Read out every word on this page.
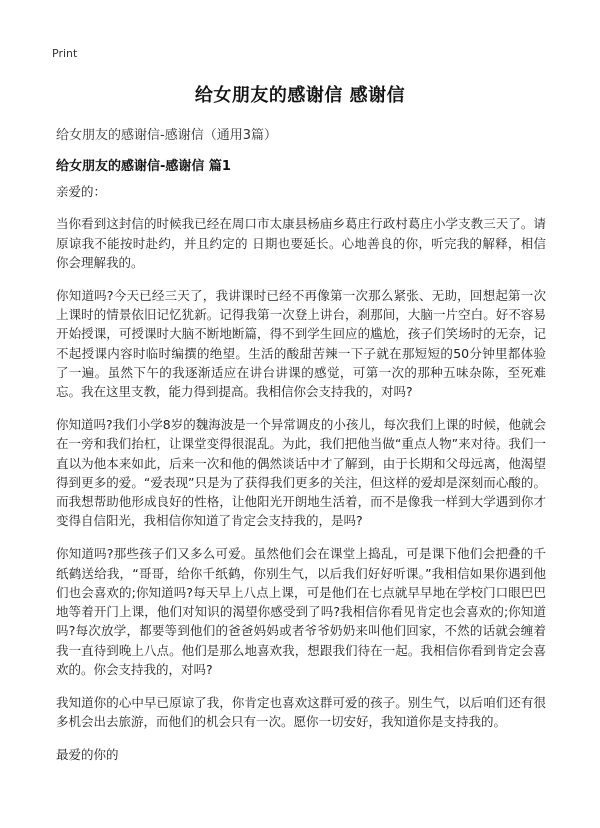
Print
给女朋友的感谢信 感谢信
给女朋友的感谢信-感谢信（通用3篇）
给女朋友的感谢信-感谢信 篇1

亲爱的：

当你看到这封信的时候我已经在周口市太康县杨庙乡葛庄行政村葛庄小学支教三天了。请原谅我不能按时赴约，并且约定的 日期也要延长。心地善良的你，听完我的解释，相信你会理解我的。

你知道吗?今天已经三天了，我讲课时已经不再像第一次那么紧张、无助，回想起第一次上课时的情景依旧记忆犹新。记得我第一次登上讲台，刹那间，大脑一片空白。好不容易开始授课，可授课时大脑不断地断篇，得不到学生回应的尴尬，孩子们笑场时的无奈，记不起授课内容时临时编撰的绝望。生活的酸甜苦辣一下子就在那短短的50分钟里都体验了一遍。虽然下午的我逐渐适应在讲台讲课的感觉，可第一次的那种五味杂陈，至死难忘。我在这里支教，能力得到提高。我相信你会支持我的，对吗?

你知道吗?我们小学8岁的魏海波是一个异常调皮的小孩儿，每次我们上课的时候，他就会在一旁和我们抬杠，让课堂变得很混乱。为此，我们把他当做“重点人物”来对待。我们一直以为他本来如此，后来一次和他的偶然谈话中才了解到，由于长期和父母远离，他渴望得到更多的爱。“爱表现”只是为了获得我们更多的关注，但这样的爱却是深刻而心酸的。而我想帮助他形成良好的性格，让他阳光开朗地生活着，而不是像我一样到大学遇到你才变得自信阳光，我相信你知道了肯定会支持我的，是吗?

你知道吗?那些孩子们又多么可爱。虽然他们会在课堂上捣乱，可是课下他们会把叠的千纸鹤送给我，“哥哥，给你千纸鹤，你别生气，以后我们好好听课。”我相信如果你遇到他们也会喜欢的;你知道吗?每天早上八点上课，可是他们在七点就早早地在学校门口眼巴巴地等着开门上课，他们对知识的渴望你感受到了吗?我相信你看见肯定也会喜欢的;你知道吗?每次放学，都要等到他们的爸爸妈妈或者爷爷奶奶来叫他们回家，不然的话就会缠着我一直待到晚上八点。他们是那么地喜欢我，想跟我们待在一起。我相信你看到肯定会喜欢的。你会支持我的，对吗?

我知道你的心中早已原谅了我，你肯定也喜欢这群可爱的孩子。别生气，以后咱们还有很多机会出去旅游，而他们的机会只有一次。愿你一切安好，我知道你是支持我的。

最爱的你的
